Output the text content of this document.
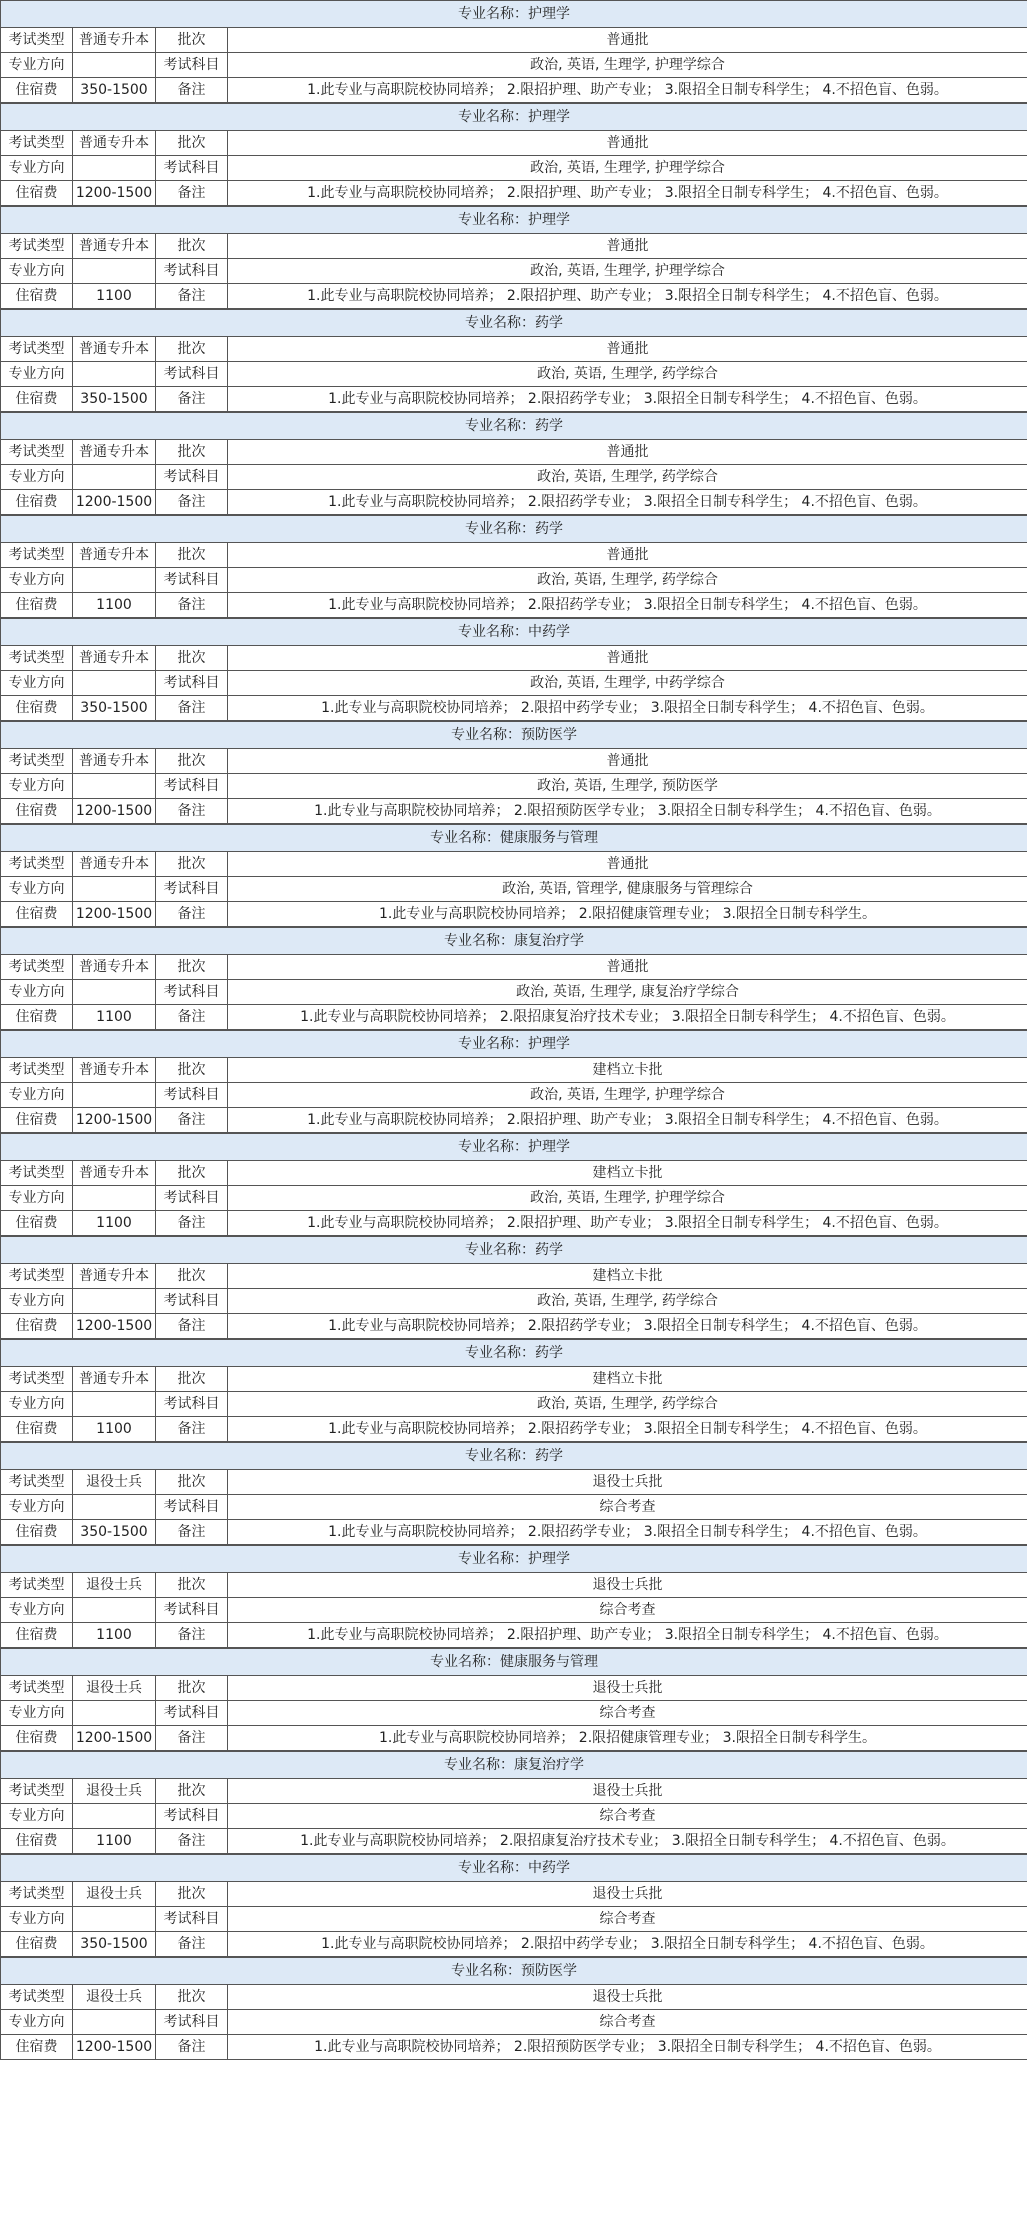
专业名称：护理学			
考试类型	普通专升本	批次	普通批
专业方向		考试科目	政治, 英语, 生理学, 护理学综合
住宿费	350-1500	备注	1.此专业与高职院校协同培养； 2.限招护理、助产专业； 3.限招全日制专科学生； 4.不招色盲、色弱。
专业名称：护理学			
考试类型	普通专升本	批次	普通批
专业方向		考试科目	政治, 英语, 生理学, 护理学综合
住宿费	1200-1500	备注	1.此专业与高职院校协同培养； 2.限招护理、助产专业； 3.限招全日制专科学生； 4.不招色盲、色弱。
专业名称：护理学			
考试类型	普通专升本	批次	普通批
专业方向		考试科目	政治, 英语, 生理学, 护理学综合
住宿费	1100	备注	1.此专业与高职院校协同培养； 2.限招护理、助产专业； 3.限招全日制专科学生； 4.不招色盲、色弱。
专业名称：药学			
考试类型	普通专升本	批次	普通批
专业方向		考试科目	政治, 英语, 生理学, 药学综合
住宿费	350-1500	备注	1.此专业与高职院校协同培养； 2.限招药学专业； 3.限招全日制专科学生； 4.不招色盲、色弱。
专业名称：药学			
考试类型	普通专升本	批次	普通批
专业方向		考试科目	政治, 英语, 生理学, 药学综合
住宿费	1200-1500	备注	1.此专业与高职院校协同培养； 2.限招药学专业； 3.限招全日制专科学生； 4.不招色盲、色弱。
专业名称：药学			
考试类型	普通专升本	批次	普通批
专业方向		考试科目	政治, 英语, 生理学, 药学综合
住宿费	1100	备注	1.此专业与高职院校协同培养； 2.限招药学专业； 3.限招全日制专科学生； 4.不招色盲、色弱。
专业名称：中药学			
考试类型	普通专升本	批次	普通批
专业方向		考试科目	政治, 英语, 生理学, 中药学综合
住宿费	350-1500	备注	1.此专业与高职院校协同培养； 2.限招中药学专业； 3.限招全日制专科学生； 4.不招色盲、色弱。
专业名称：预防医学			
考试类型	普通专升本	批次	普通批
专业方向		考试科目	政治, 英语, 生理学, 预防医学
住宿费	1200-1500	备注	1.此专业与高职院校协同培养； 2.限招预防医学专业； 3.限招全日制专科学生； 4.不招色盲、色弱。
专业名称：健康服务与管理			
考试类型	普通专升本	批次	普通批
专业方向		考试科目	政治, 英语, 管理学, 健康服务与管理综合
住宿费	1200-1500	备注	1.此专业与高职院校协同培养； 2.限招健康管理专业； 3.限招全日制专科学生。
专业名称：康复治疗学			
考试类型	普通专升本	批次	普通批
专业方向		考试科目	政治, 英语, 生理学, 康复治疗学综合
住宿费	1100	备注	1.此专业与高职院校协同培养； 2.限招康复治疗技术专业； 3.限招全日制专科学生； 4.不招色盲、色弱。
专业名称：护理学			
考试类型	普通专升本	批次	建档立卡批
专业方向		考试科目	政治, 英语, 生理学, 护理学综合
住宿费	1200-1500	备注	1.此专业与高职院校协同培养； 2.限招护理、助产专业； 3.限招全日制专科学生； 4.不招色盲、色弱。
专业名称：护理学			
考试类型	普通专升本	批次	建档立卡批
专业方向		考试科目	政治, 英语, 生理学, 护理学综合
住宿费	1100	备注	1.此专业与高职院校协同培养； 2.限招护理、助产专业； 3.限招全日制专科学生； 4.不招色盲、色弱。
专业名称：药学			
考试类型	普通专升本	批次	建档立卡批
专业方向		考试科目	政治, 英语, 生理学, 药学综合
住宿费	1200-1500	备注	1.此专业与高职院校协同培养； 2.限招药学专业； 3.限招全日制专科学生； 4.不招色盲、色弱。
专业名称：药学			
考试类型	普通专升本	批次	建档立卡批
专业方向		考试科目	政治, 英语, 生理学, 药学综合
住宿费	1100	备注	1.此专业与高职院校协同培养； 2.限招药学专业； 3.限招全日制专科学生； 4.不招色盲、色弱。
专业名称：药学			
考试类型	退役士兵	批次	退役士兵批
专业方向		考试科目	综合考查
住宿费	350-1500	备注	1.此专业与高职院校协同培养； 2.限招药学专业； 3.限招全日制专科学生； 4.不招色盲、色弱。
专业名称：护理学			
考试类型	退役士兵	批次	退役士兵批
专业方向		考试科目	综合考查
住宿费	1100	备注	1.此专业与高职院校协同培养； 2.限招护理、助产专业； 3.限招全日制专科学生； 4.不招色盲、色弱。
专业名称：健康服务与管理			
考试类型	退役士兵	批次	退役士兵批
专业方向		考试科目	综合考查
住宿费	1200-1500	备注	1.此专业与高职院校协同培养； 2.限招健康管理专业； 3.限招全日制专科学生。
专业名称：康复治疗学			
考试类型	退役士兵	批次	退役士兵批
专业方向		考试科目	综合考查
住宿费	1100	备注	1.此专业与高职院校协同培养； 2.限招康复治疗技术专业； 3.限招全日制专科学生； 4.不招色盲、色弱。
专业名称：中药学			
考试类型	退役士兵	批次	退役士兵批
专业方向		考试科目	综合考查
住宿费	350-1500	备注	1.此专业与高职院校协同培养； 2.限招中药学专业； 3.限招全日制专科学生； 4.不招色盲、色弱。
专业名称：预防医学			
考试类型	退役士兵	批次	退役士兵批
专业方向		考试科目	综合考查
住宿费	1200-1500	备注	1.此专业与高职院校协同培养； 2.限招预防医学专业； 3.限招全日制专科学生； 4.不招色盲、色弱。
